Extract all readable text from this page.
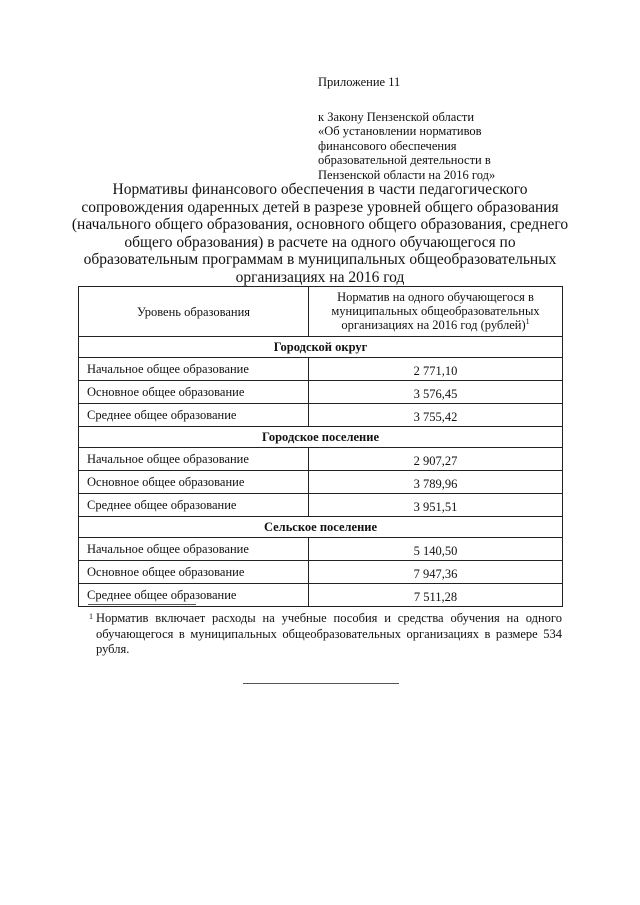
Приложение 11
к Закону Пензенской области
«Об установлении нормативов
финансового обеспечения
образовательной деятельности в
Пензенской области на 2016 год»
Нормативы финансового обеспечения в части педагогического
сопровождения одаренных детей в разрезе уровней общего образования
(начального общего образования, основного общего образования, среднего
общего образования) в расчете на одного обучающегося по
образовательным программам в муниципальных общеобразовательных
организациях на 2016 год
Уровень образования	Норматив на одного обучающегося в
муниципальных общеобразовательных
организациях на 2016 год (рублей)$^1$

Городской округ	
Начальное общее образование	2 771,10
Основное общее образование	3 576,45
Среднее общее образование	3 755,42
Городское поселение	
Начальное общее образование	2 907,27
Основное общее образование	3 789,96
Среднее общее образование	3 951,51
Сельское поселение	
Начальное общее образование	5 140,50
Основное общее образование	7 947,36
Среднее общее образование	7 511,28
1 Норматив включает расходы на учебные пособия и средства обучения на одного обучающегося в муниципальных общеобразовательных организациях в размере 534 рубля.
